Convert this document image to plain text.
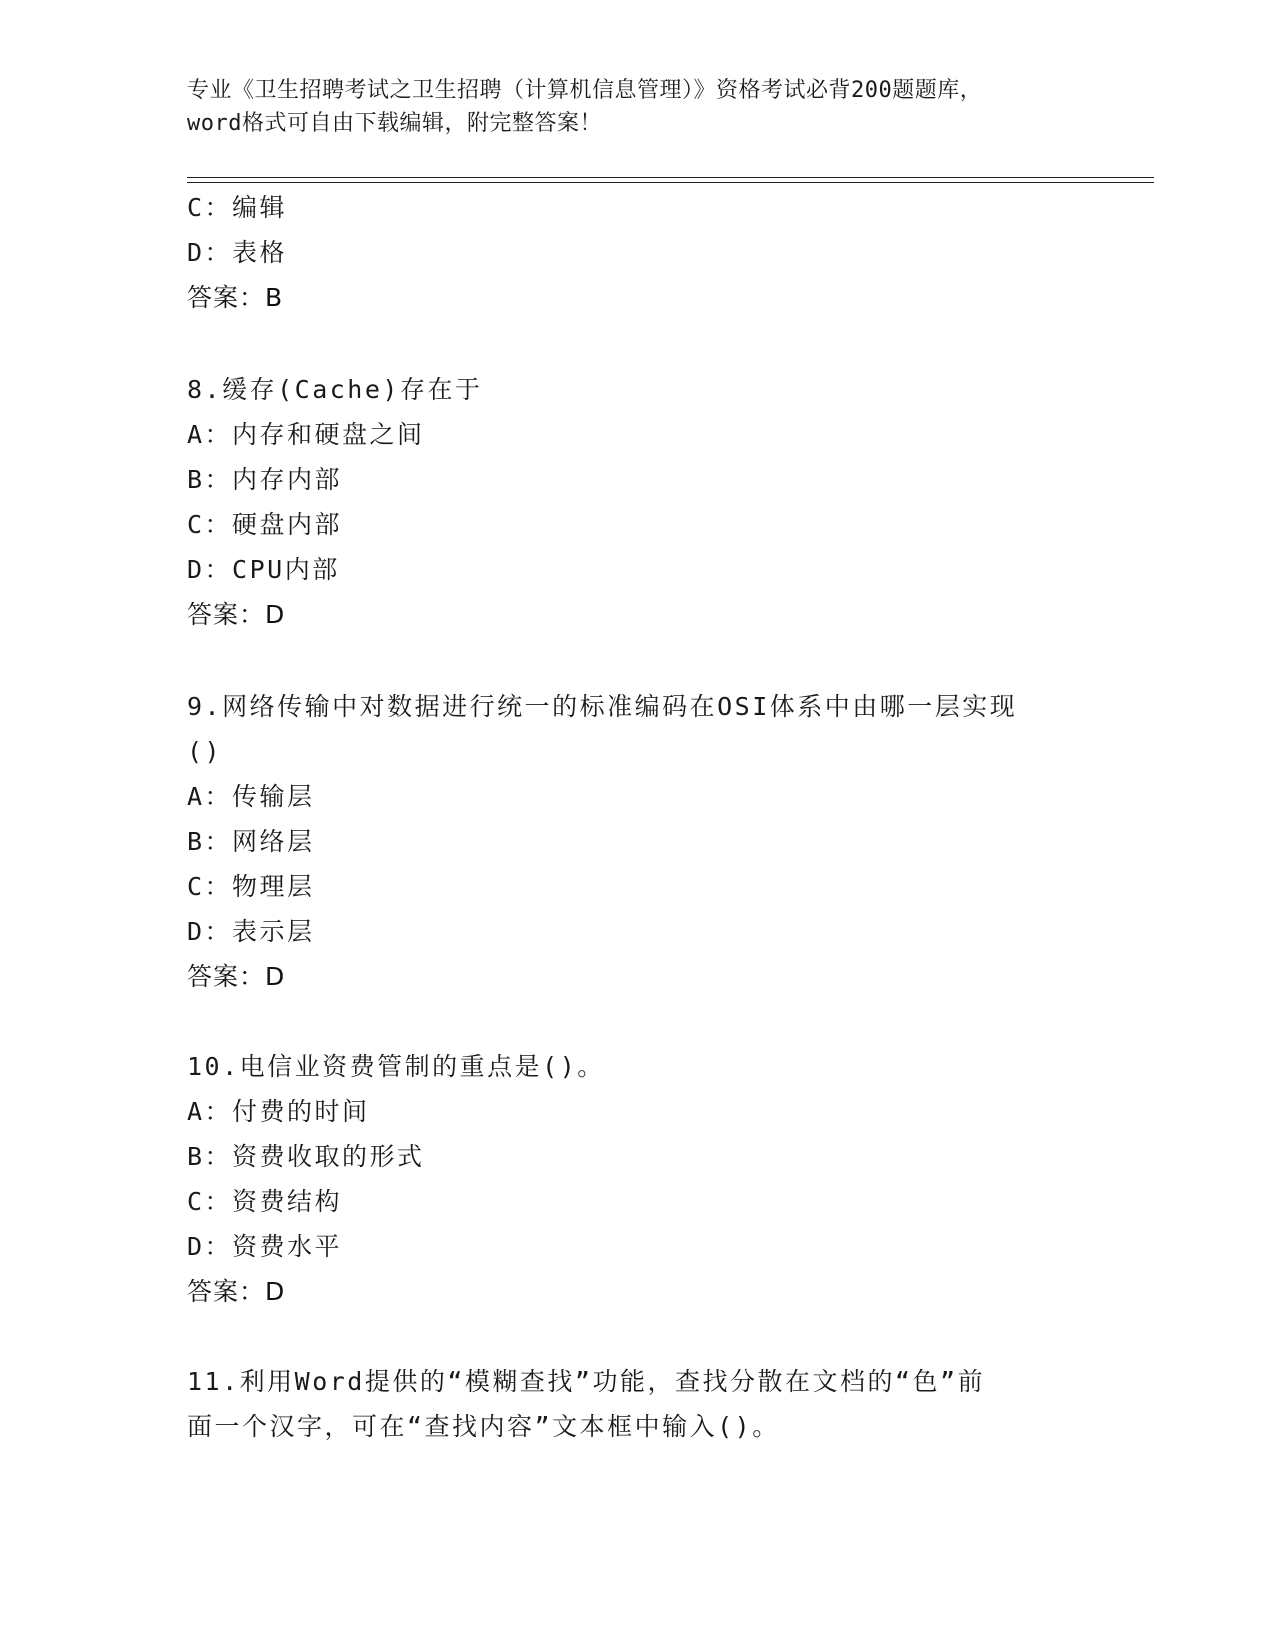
专业《卫生招聘考试之卫生招聘（计算机信息管理）》资格考试必背200题题库，
word格式可自由下载编辑，附完整答案！
C：编辑
D：表格
答案：B
8.缓存(Cache)存在于
A：内存和硬盘之间
B：内存内部
C：硬盘内部
D：CPU内部
答案：D
9.网络传输中对数据进行统一的标准编码在OSI体系中由哪一层实现
()
A：传输层
B：网络层
C：物理层
D：表示层
答案：D
10.电信业资费管制的重点是()。
A：付费的时间
B：资费收取的形式
C：资费结构
D：资费水平
答案：D
11.利用Word提供的“模糊查找”功能，查找分散在文档的“色”前
面一个汉字，可在“查找内容”文本框中输入()。
